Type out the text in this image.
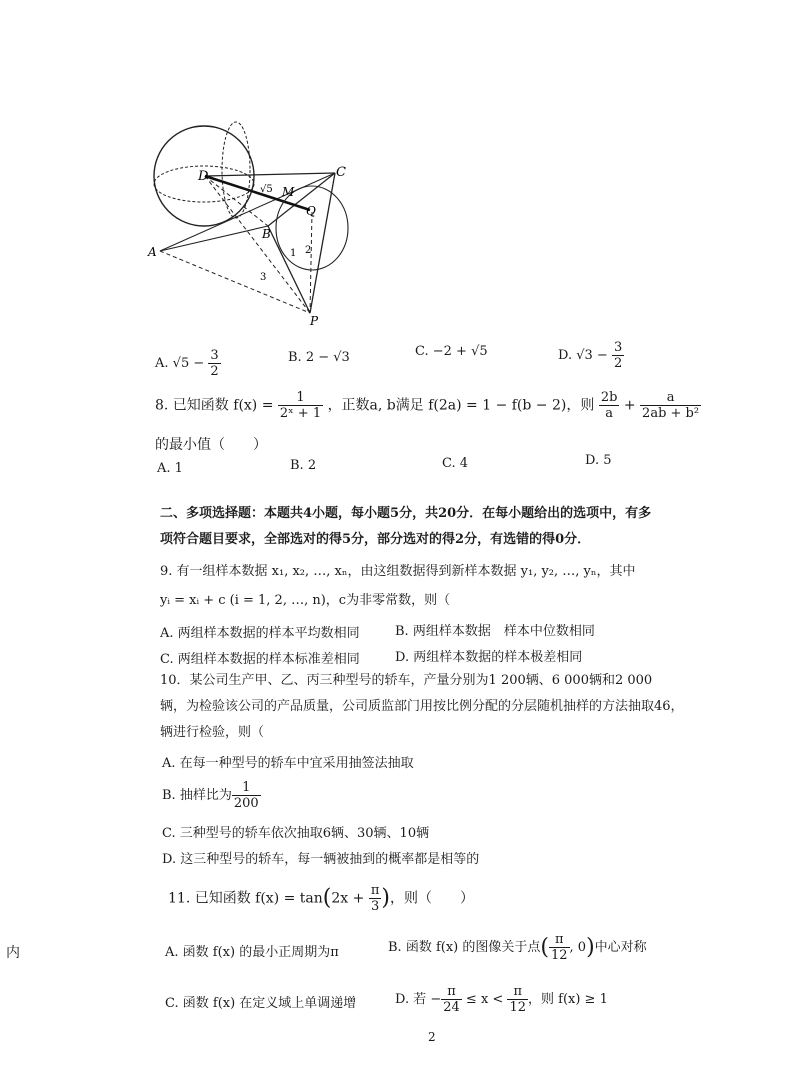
D	C
M
Q
B
A
P
√5
2
1
3
A. $√5 - \frac{3}{2}$	B. 2 − √3	C. −2 + √5	D. $√3 - \frac{3}{2}$
8. 已知函数 $f(x) = \frac{1}{\text{2ˣ + 1}}$ ，正数a, b满足 f(2a) = 1 − f(b − 2)，则 $\frac{2b}{a} + \frac{a}{\text{2ab + b²}}$
的最小值（　　）
A. 1	B. 2	C. 4	D. 5
二、多项选择题：本题共4小题，每小题5分，共20分．在每小题给出的选项中，有多
项符合题目要求，全部选对的得5分，部分选对的得2分，有选错的得0分．
9. 有一组样本数据 x₁, x₂, …, xₙ，由这组数据得到新样本数据 y₁, y₂, …, yₙ，其中
yᵢ = xᵢ + c (i = 1, 2, …, n)，c为非零常数，则（
A. 两组样本数据的样本平均数相同	B. 两组样本数据　样本中位数相同
C. 两组样本数据的样本标准差相同	D. 两组样本数据的样本极差相同
10．某公司生产甲、乙、丙三种型号的轿车，产量分别为1 200辆、6 000辆和2 000
辆，为检验该公司的产品质量，公司质监部门用按比例分配的分层随机抽样的方法抽取46，
辆进行检验，则（
A. 在每一种型号的轿车中宜采用抽签法抽取
B. 抽样比为 $\frac{1}{200}$
C. 三种型号的轿车依次抽取6辆、30辆、10辆
D. 这三种型号的轿车，每一辆被抽到的概率都是相等的
11. 已知函数 $f(x) = \tan(2x + \frac{\pi}{3}$ )，则（　　）
A. 函数 f(x) 的最小正周期为π	B. 函数 f(x) 的图像关于点( $\frac{\pi}{12}$ , 0)中心对称
C. 函数 f(x) 在定义域上单调递增	D. 若 − $\frac{\pi}{24} \le x < \frac{\pi}{12}$ ，则 f(x) ≥ 1
内
2
